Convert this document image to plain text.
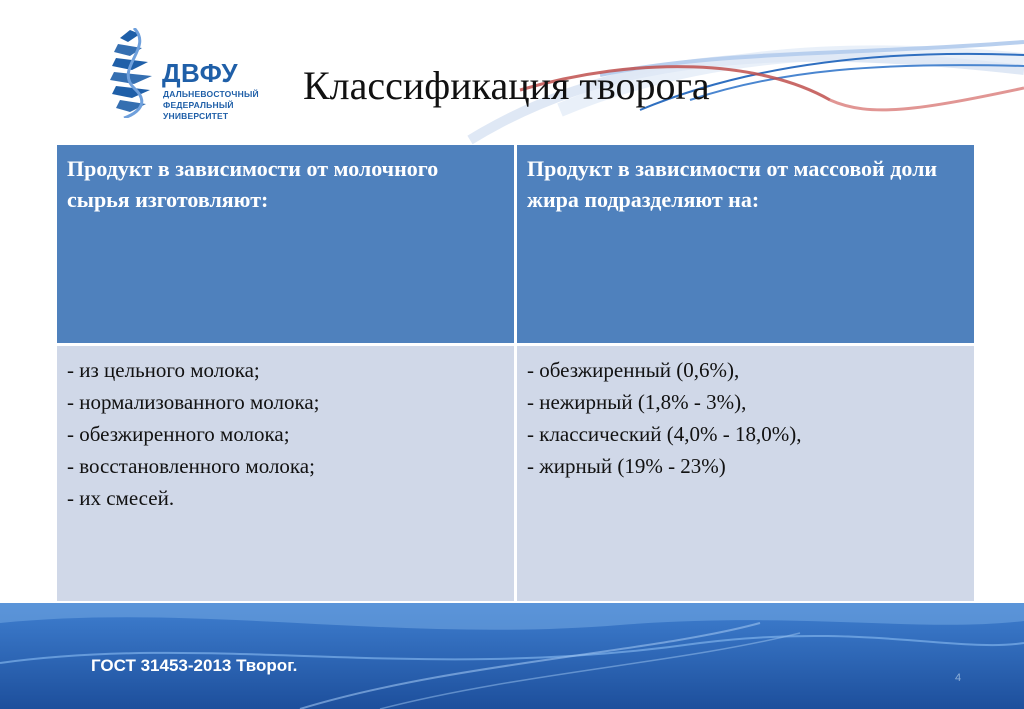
ДВФУ
ДАЛЬНЕВОСТОЧНЫЙ
ФЕДЕРАЛЬНЫЙ
УНИВЕРСИТЕТ
Классификация творога
Продукт в зависимости от молочного сырья изготовляют:
Продукт в зависимости от массовой доли жира подразделяют на:
- из цельного молока;
- нормализованного молока;
- обезжиренного молока;
- восстановленного молока;
- их смесей.
- обезжиренный (0,6%),
- нежирный (1,8% - 3%),
- классический (4,0% - 18,0%),
- жирный (19% - 23%)
ГОСТ 31453-2013 Творог.
4
